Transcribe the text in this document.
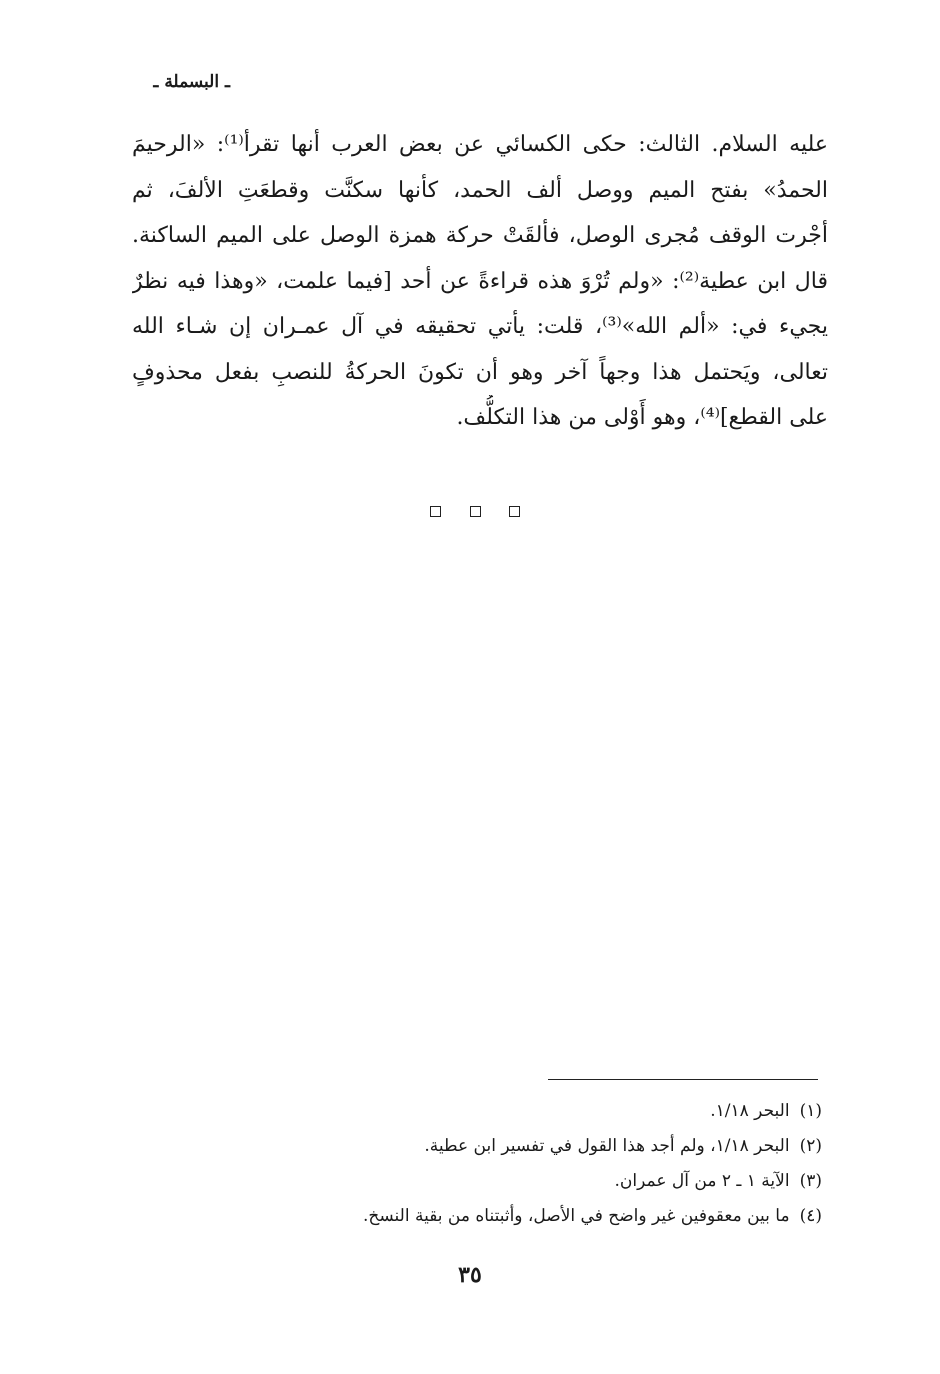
ـ البسملة ـ
عليه السلام. الثالث: حكى الكسائي عن بعض العرب أنها تقرأ⁽¹⁾: «الرحيمَ
الحمدُ» بفتح الميم ووصل ألف الحمد، كأنها سكنَّت وقطعَتِ الألفَ، ثم
أجْرت الوقف مُجرى الوصل، فألقَتْ حركة همزة الوصل على الميم الساكنة.
قال ابن عطية⁽²⁾: «ولم تُرْوَ هذه قراءةً عن أحد [فيما علمت، «وهذا فيه نظرٌ
يجيء في: «ألم الله»⁽³⁾، قلت: يأتي تحقيقه في آل عمـران إن شـاء الله
تعالى، ويَحتمل هذا وجهاً آخر وهو أن تكونَ الحركةُ للنصبِ بفعل محذوفٍ
على القطع]⁽⁴⁾، وهو أَوْلى من هذا التكلُّف.
(١)البحر ١/١٨.
(٢)البحر ١/١٨، ولم أجد هذا القول في تفسير ابن عطية.
(٣)الآية ١ ـ ٢ من آل عمران.
(٤)ما بين معقوفين غير واضح في الأصل، وأثبتناه من بقية النسخ.
٣٥
